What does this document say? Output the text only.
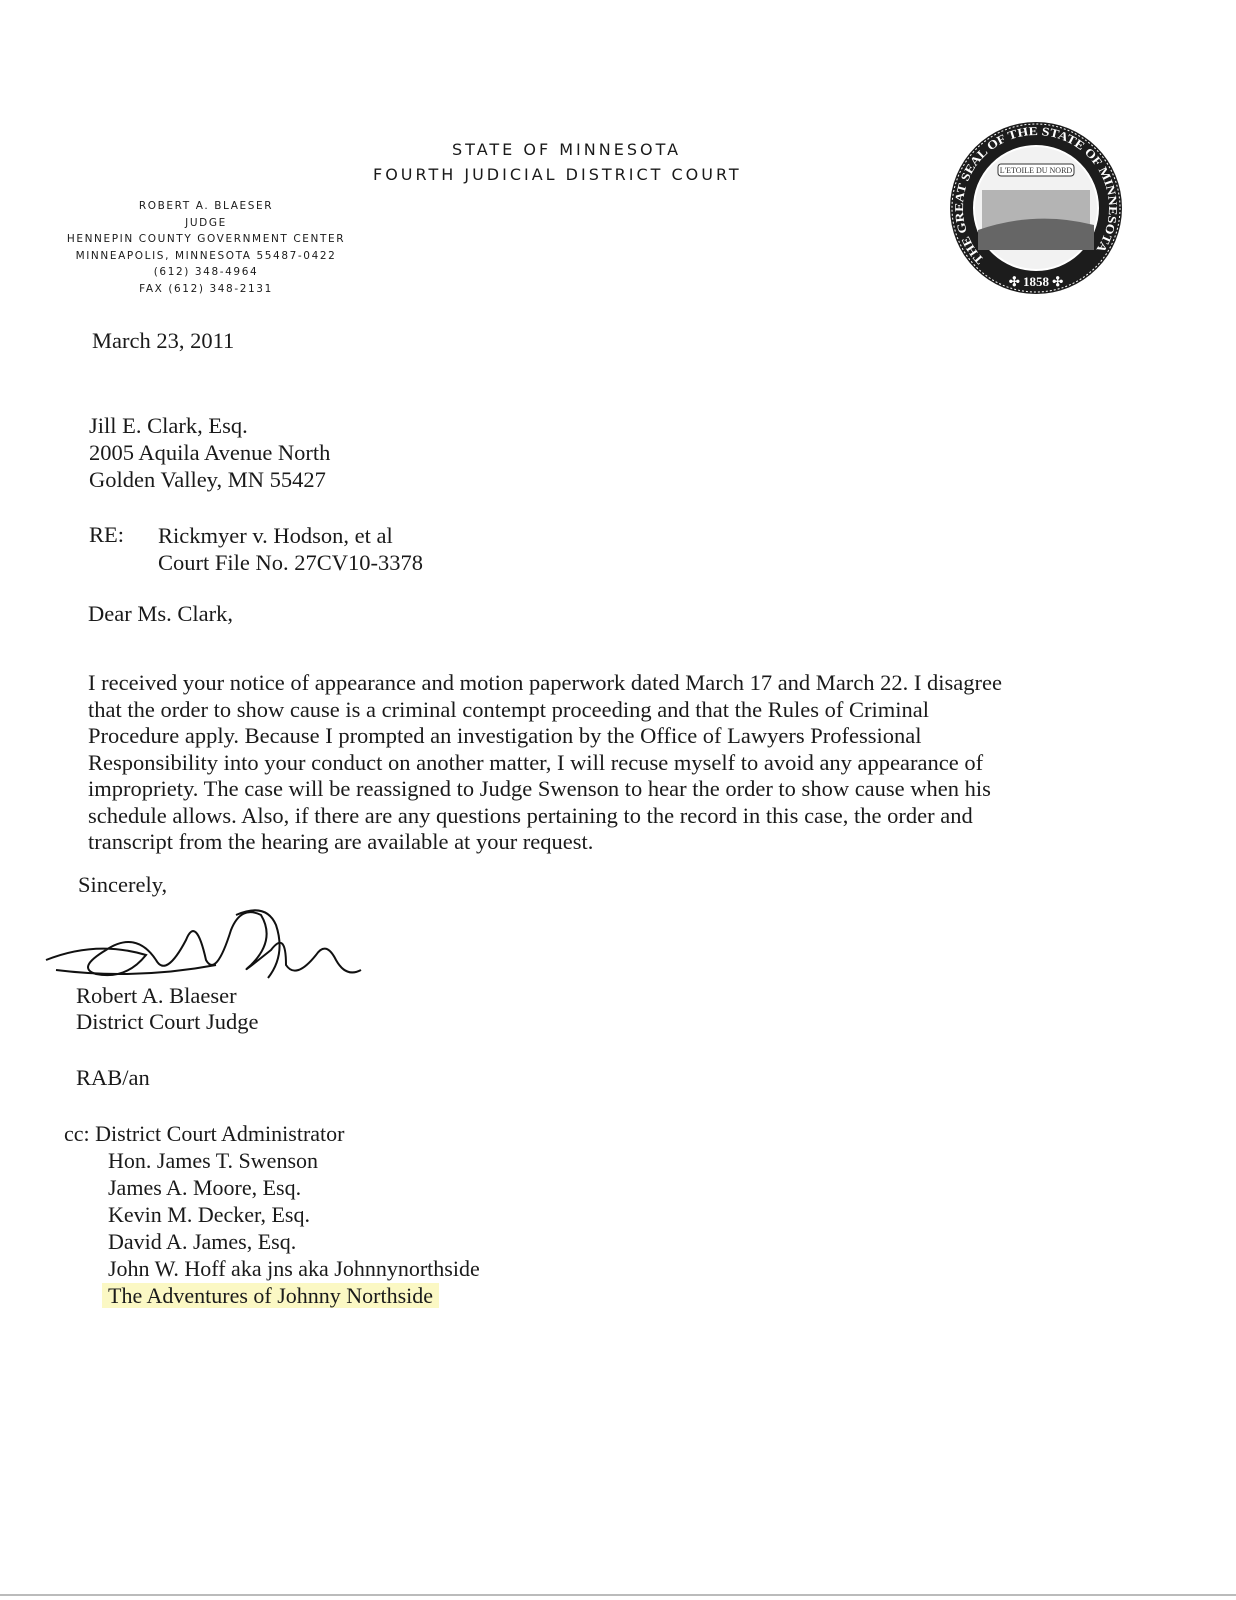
STATE OF MINNESOTA
FOURTH JUDICIAL DISTRICT COURT
ROBERT A. BLAESER
JUDGE
HENNEPIN COUNTY GOVERNMENT CENTER
MINNEAPOLIS, MINNESOTA 55487-0422
(612) 348-4964
FAX (612) 348-2131
THE GREAT SEAL OF THE STATE OF MINNESOTA
L'ETOILE DU NORD
✣ 1858 ✣
March 23, 2011
Jill E. Clark, Esq.
2005 Aquila Avenue North
Golden Valley, MN 55427
RE: Rickmyer v. Hodson, et al
Court File No. 27CV10-3378
Dear Ms. Clark,
I received your notice of appearance and motion paperwork dated March 17 and March 22. I disagree
that the order to show cause is a criminal contempt proceeding and that the Rules of Criminal
Procedure apply. Because I prompted an investigation by the Office of Lawyers Professional
Responsibility into your conduct on another matter, I will recuse myself to avoid any appearance of
impropriety. The case will be reassigned to Judge Swenson to hear the order to show cause when his
schedule allows. Also, if there are any questions pertaining to the record in this case, the order and
transcript from the hearing are available at your request.
Sincerely,
Robert A. Blaeser
District Court Judge
RAB/an
cc: District Court Administrator
Hon. James T. Swenson
James A. Moore, Esq.
Kevin M. Decker, Esq.
David A. James, Esq.
John W. Hoff aka jns aka Johnnynorthside
The Adventures of Johnny Northside
